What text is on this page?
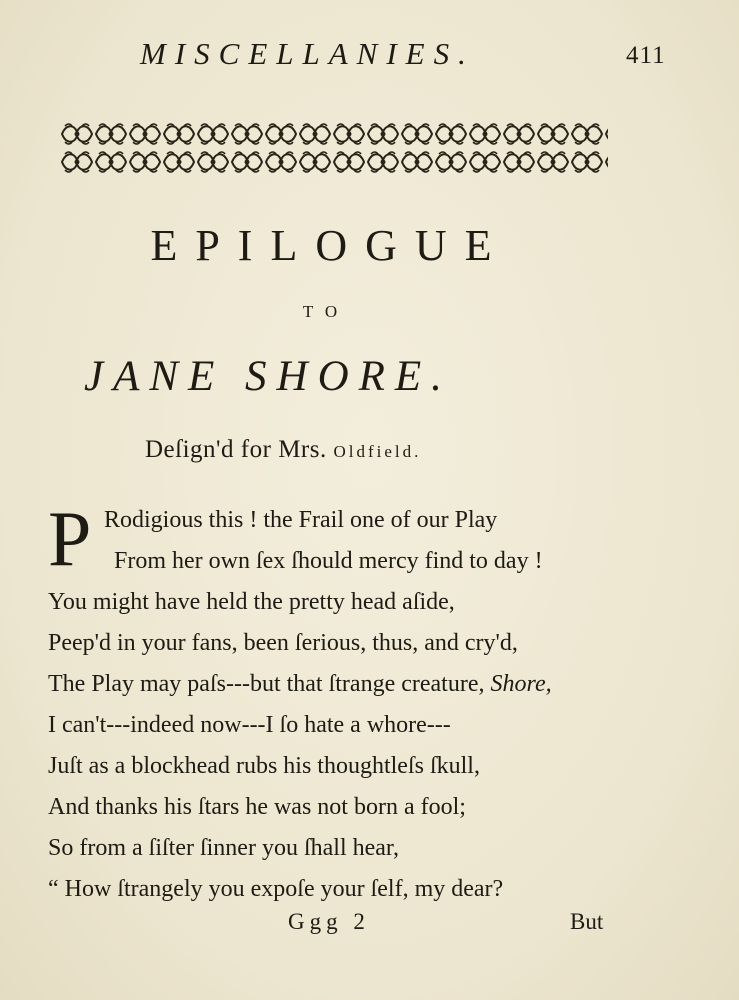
MISCELLANIES.	411
EPILOGUE
TO
JANE SHORE.
Deſign'd for Mrs. Oldfield.
P Rodigious this ! the Frail one of our Play
From her own ſex ſhould mercy find to day !
You might have held the pretty head aſide,
Peep'd in your fans, been ſerious, thus, and cry'd,
The Play may paſs---but that ſtrange creature, Shore,
I can't---indeed now---I ſo hate a whore---
Juſt as a blockhead rubs his thoughtleſs ſkull,
And thanks his ſtars he was not born a fool;
So from a ſiſter ſinner you ſhall hear,
“ How ſtrangely you expoſe your ſelf, my dear?
Ggg 2	But
